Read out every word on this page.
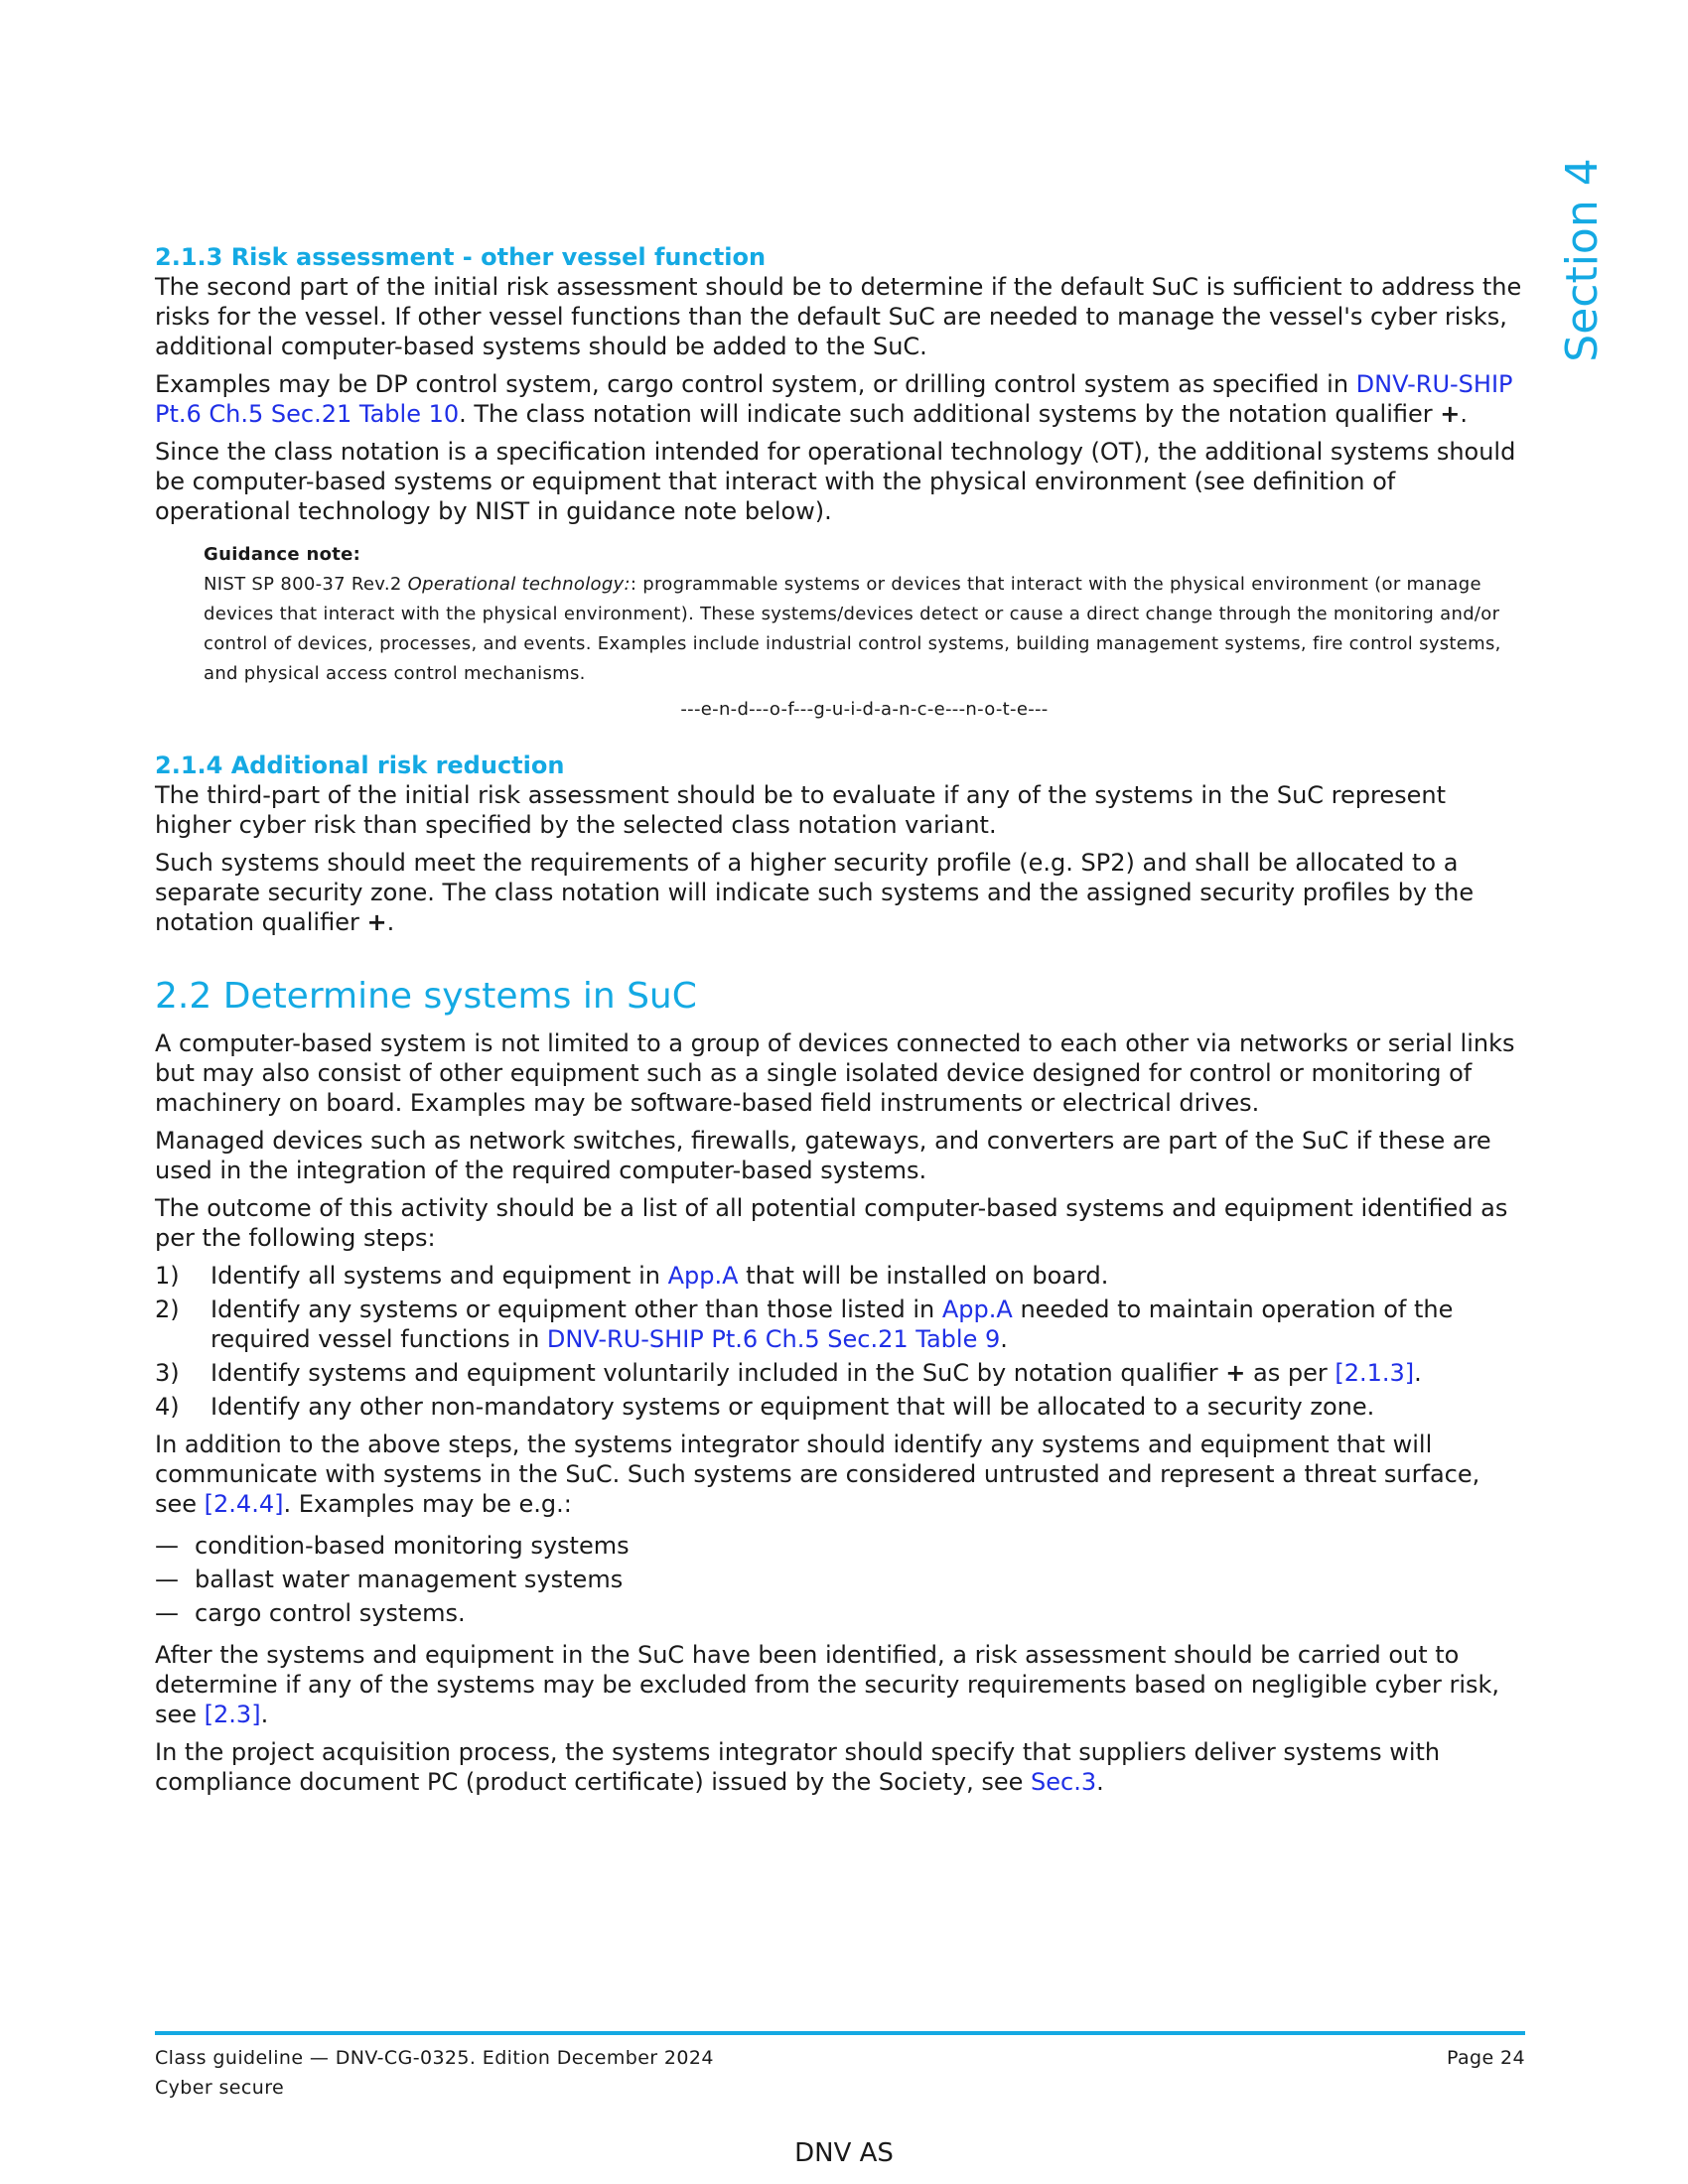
Section 4
2.1.3 Risk assessment - other vessel function

The second part of the initial risk assessment should be to determine if the default SuC is sufficient to address the risks for the vessel. If other vessel functions than the default SuC are needed to manage the vessel's cyber risks, additional computer-based systems should be added to the SuC.

Examples may be DP control system, cargo control system, or drilling control system as specified in DNV-RU-SHIP Pt.6 Ch.5 Sec.21 Table 10. The class notation will indicate such additional systems by the notation qualifier +.

Since the class notation is a specification intended for operational technology (OT), the additional systems should be computer-based systems or equipment that interact with the physical environment (see definition of operational technology by NIST in guidance note below).

Guidance note:

NIST SP 800-37 Rev.2 Operational technology:: programmable systems or devices that interact with the physical environment (or manage devices that interact with the physical environment). These systems/devices detect or cause a direct change through the monitoring and/or control of devices, processes, and events. Examples include industrial control systems, building management systems, fire control systems, and physical access control mechanisms.

---e-n-d---o-f---g-u-i-d-a-n-c-e---n-o-t-e---

2.1.4 Additional risk reduction

The third-part of the initial risk assessment should be to evaluate if any of the systems in the SuC represent higher cyber risk than specified by the selected class notation variant.

Such systems should meet the requirements of a higher security profile (e.g. SP2) and shall be allocated to a separate security zone. The class notation will indicate such systems and the assigned security profiles by the notation qualifier +.

2.2 Determine systems in SuC

A computer-based system is not limited to a group of devices connected to each other via networks or serial links but may also consist of other equipment such as a single isolated device designed for control or monitoring of machinery on board. Examples may be software-based field instruments or electrical drives.

Managed devices such as network switches, firewalls, gateways, and converters are part of the SuC if these are used in the integration of the required computer-based systems.

The outcome of this activity should be a list of all potential computer-based systems and equipment identified as per the following steps:

1)	Identify all systems and equipment in App.A that will be installed on board.
2)	Identify any systems or equipment other than those listed in App.A needed to maintain operation of the required vessel functions in DNV-RU-SHIP Pt.6 Ch.5 Sec.21 Table 9.
3)	Identify systems and equipment voluntarily included in the SuC by notation qualifier + as per [2.1.3].
4)	Identify any other non-mandatory systems or equipment that will be allocated to a security zone.

In addition to the above steps, the systems integrator should identify any systems and equipment that will communicate with systems in the SuC. Such systems are considered untrusted and represent a threat surface, see [2.4.4]. Examples may be e.g.:

— condition-based monitoring systems
— ballast water management systems
— cargo control systems.

After the systems and equipment in the SuC have been identified, a risk assessment should be carried out to determine if any of the systems may be excluded from the security requirements based on negligible cyber risk, see [2.3].

In the project acquisition process, the systems integrator should specify that suppliers deliver systems with compliance document PC (product certificate) issued by the Society, see Sec.3.

Class guideline — DNV-CG-0325. Edition December 2024
Cyber secure
Page 24
DNV AS
